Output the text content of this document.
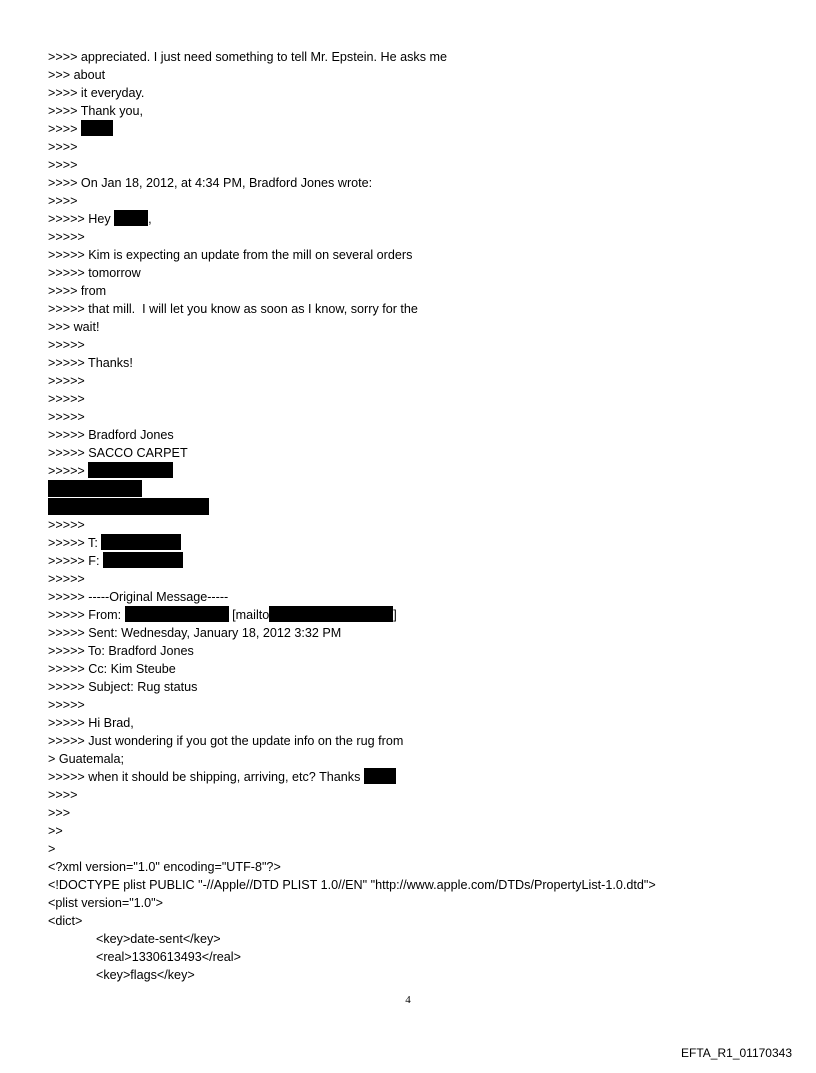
>>>> appreciated. I just need something to tell Mr. Epstein. He asks me
>>> about
>>>> it everyday.
>>>> Thank you,
>>>>
>>>>
>>>>
>>>> On Jan 18, 2012, at 4:34 PM, Bradford Jones wrote:
>>>>
>>>>> Hey	,
>>>>>
>>>>> Kim is expecting an update from the mill on several orders
>>>>> tomorrow
>>>> from
>>>>> that mill.  I will let you know as soon as I know, sorry for the
>>> wait!
>>>>>
>>>>> Thanks!
>>>>>
>>>>>
>>>>>
>>>>> Bradford Jones
>>>>> SACCO CARPET
>>>>>
>>>>>
>>>>> T:
>>>>> F:
>>>>>
>>>>> -----Original Message-----
>>>>> From:	[mailto	]
>>>>> Sent: Wednesday, January 18, 2012 3:32 PM
>>>>> To: Bradford Jones
>>>>> Cc: Kim Steube
>>>>> Subject: Rug status
>>>>>
>>>>> Hi Brad,
>>>>> Just wondering if you got the update info on the rug from
> Guatemala;
>>>>> when it should be shipping, arriving, etc? Thanks
>>>>
>>>
>>
>
<?xml version="1.0" encoding="UTF-8"?>
<!DOCTYPE plist PUBLIC "-//Apple//DTD PLIST 1.0//EN" "http://www.apple.com/DTDs/PropertyList-1.0.dtd">
<plist version="1.0">
<dict>
<key>date-sent</key>
<real>1330613493</real>
<key>flags</key>
4
EFTA_R1_01170343
